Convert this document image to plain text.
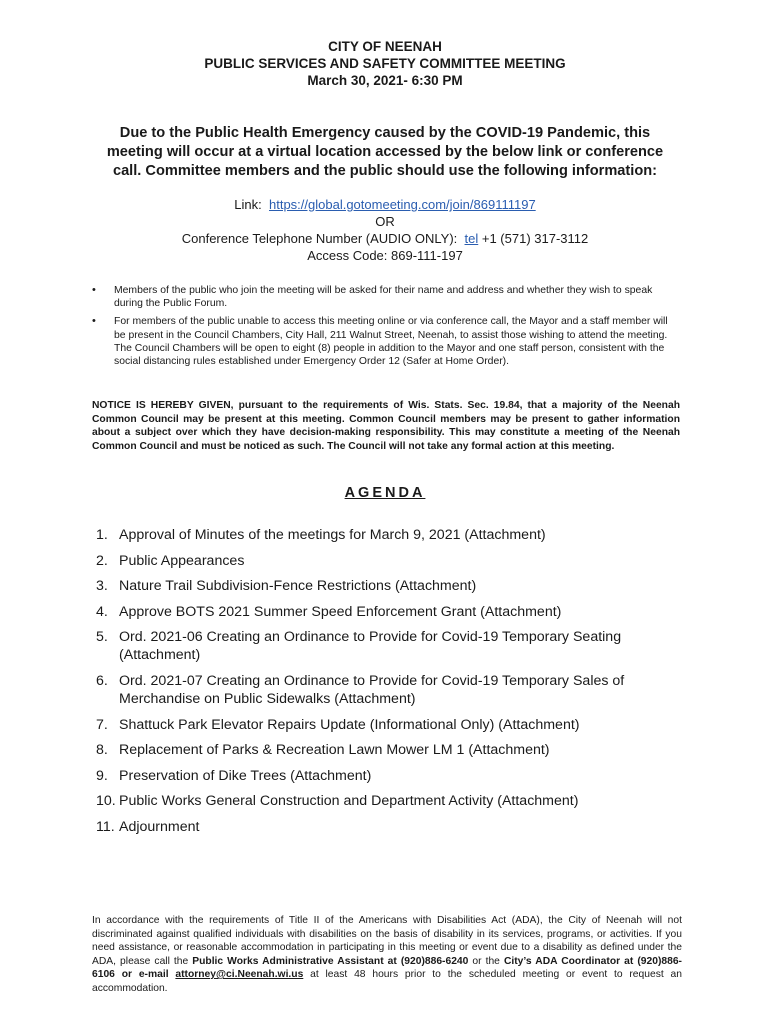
CITY OF NEENAH
PUBLIC SERVICES AND SAFETY COMMITTEE MEETING
March 30, 2021- 6:30 PM
Due to the Public Health Emergency caused by the COVID-19 Pandemic, this
meeting will occur at a virtual location accessed by the below link or conference
call. Committee members and the public should use the following information:
Link: https://global.gotomeeting.com/join/869111197
OR
Conference Telephone Number (AUDIO ONLY): tel +1 (571) 317-3112
Access Code: 869-111-197
• Members of the public who join the meeting will be asked for their name and address and whether they wish to speak during the Public Forum.
• For members of the public unable to access this meeting online or via conference call, the Mayor and a staff member will be present in the Council Chambers, City Hall, 211 Walnut Street, Neenah, to assist those wishing to attend the meeting. The Council Chambers will be open to eight (8) people in addition to the Mayor and one staff person, consistent with the social distancing rules established under Emergency Order 12 (Safer at Home Order).
NOTICE IS HEREBY GIVEN, pursuant to the requirements of Wis. Stats. Sec. 19.84, that a majority of the Neenah Common Council may be present at this meeting. Common Council members may be present to gather information about a subject over which they have decision-making responsibility. This may constitute a meeting of the Neenah Common Council and must be noticed as such. The Council will not take any formal action at this meeting.
AGENDA
1. Approval of Minutes of the meetings for March 9, 2021 (Attachment)
2. Public Appearances
3. Nature Trail Subdivision-Fence Restrictions (Attachment)
4. Approve BOTS 2021 Summer Speed Enforcement Grant (Attachment)
5. Ord. 2021-06 Creating an Ordinance to Provide for Covid-19 Temporary Seating (Attachment)
6. Ord. 2021-07 Creating an Ordinance to Provide for Covid-19 Temporary Sales of Merchandise on Public Sidewalks (Attachment)
7. Shattuck Park Elevator Repairs Update (Informational Only) (Attachment)
8. Replacement of Parks & Recreation Lawn Mower LM 1 (Attachment)
9. Preservation of Dike Trees (Attachment)
10. Public Works General Construction and Department Activity (Attachment)
11. Adjournment
In accordance with the requirements of Title II of the Americans with Disabilities Act (ADA), the City of Neenah will not discriminated against qualified individuals with disabilities on the basis of disability in its services, programs, or activities. If you need assistance, or reasonable accommodation in participating in this meeting or event due to a disability as defined under the ADA, please call the Public Works Administrative Assistant at (920)886-6240 or the City’s ADA Coordinator at (920)886-6106 or e-mail attorney@ci.Neenah.wi.us at least 48 hours prior to the scheduled meeting or event to request an accommodation.
